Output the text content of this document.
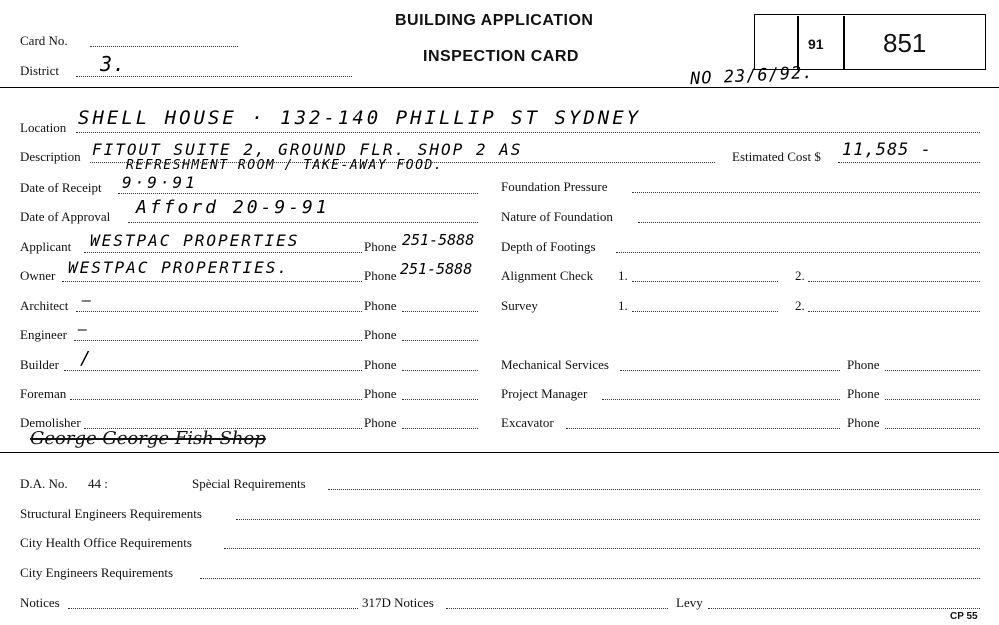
Card No.
District 3.
BUILDING APPLICATION
INSPECTION CARD
91 851
NO 23/6/92.
Location SHELL HOUSE · 132-140 PHILLIP ST SYDNEY
Description FITOUT SUITE 2, GROUND FLR. SHOP 2 AS
REFRESHMENT ROOM / TAKE-AWAY FOOD.
Estimated Cost $ 11,585 -
Date of Receipt 9·9·91	Foundation Pressure
Date of Approval Afford 20-9-91	Nature of Foundation
Applicant WESTPAC PROPERTIES	Phone 251-5888 Depth of Footings
Owner WESTPAC PROPERTIES.	Phone 251-5888 Alignment Check 1.	2.
Architect —	Phone	Survey	1.	2.
Engineer —	Phone
Builder /	Phone	Mechanical Services	Phone
Foreman	Phone	Project Manager	Phone
Demolisher	Phone	Excavator	Phone
George George Fish Shop
D.A. No. 44 :	Spècial Requirements
Structural Engineers Requirements
City Health Office Requirements
City Engineers Requirements
Notices	317D Notices	Levy
CP 55
